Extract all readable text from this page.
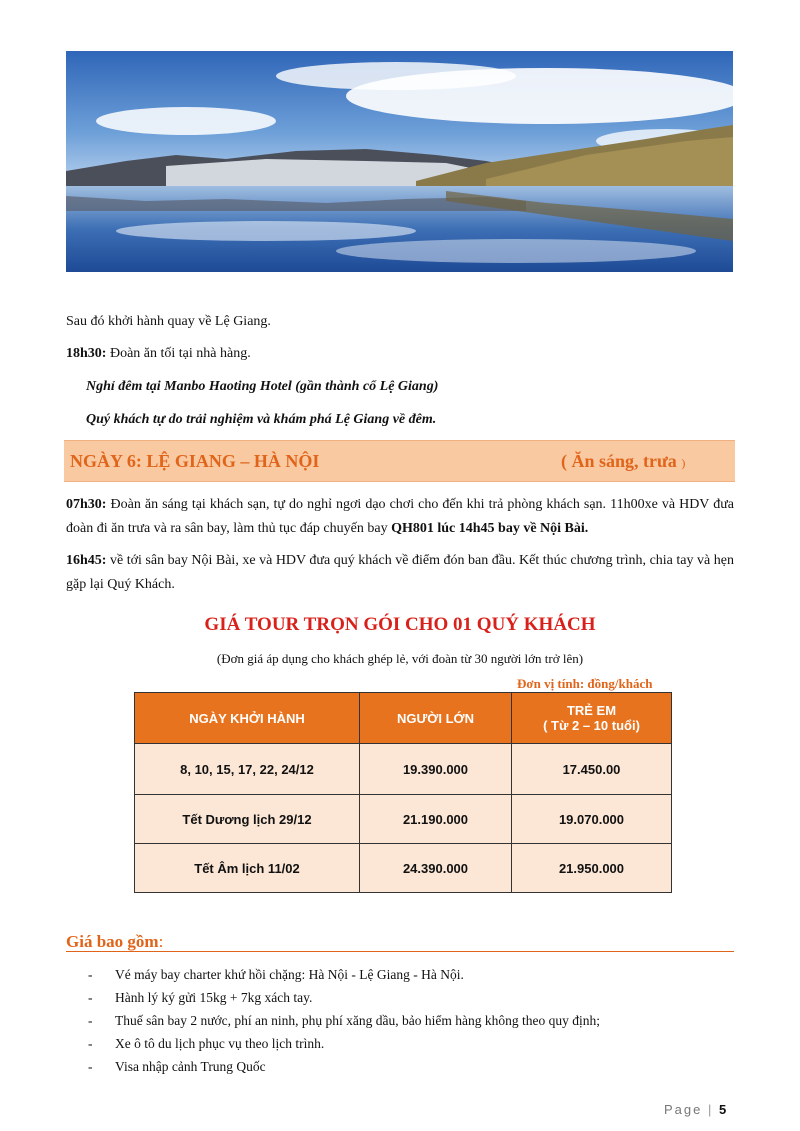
Sau đó khởi hành quay về Lệ Giang.

18h30: Đoàn ăn tối tại nhà hàng.

Nghỉ đêm tại Manbo Haoting Hotel (gần thành cổ Lệ Giang)

Quý khách tự do trải nghiệm và khám phá Lệ Giang về đêm.

NGÀY 6: LỆ GIANG – HÀ NỘI	( Ăn sáng, trưa )
07h30: Đoàn ăn sáng tại khách sạn, tự do nghỉ ngơi dạo chơi cho đến khi trả phòng khách sạn. 11h00xe và HDV đưa đoàn đi ăn trưa và ra sân bay, làm thủ tục đáp chuyến bay QH801 lúc 14h45 bay về Nội Bài.
16h45: về tới sân bay Nội Bài, xe và HDV đưa quý khách về điểm đón ban đầu. Kết thúc chương trình, chia tay và hẹn gặp lại Quý Khách.
GIÁ TOUR TRỌN GÓI CHO 01 QUÝ KHÁCH
(Đơn giá áp dụng cho khách ghép lẻ, với đoàn từ 30 người lớn trở lên)
Đơn vị tính: đồng/khách
NGÀY KHỞI HÀNH	NGƯỜI LỚN	TRẺ EM
( Từ 2 – 10 tuổi)
8, 10, 15, 17, 22, 24/12	19.390.000	17.450.00
Tết Dương lịch 29/12	21.190.000	19.070.000
Tết Âm lịch 11/02	24.390.000	21.950.000
Giá bao gồm:
- Vé máy bay charter khứ hồi chặng: Hà Nội - Lệ Giang - Hà Nội.
- Hành lý ký gửi 15kg + 7kg xách tay.
- Thuế sân bay 2 nước, phí an ninh, phụ phí xăng dầu, bảo hiểm hàng không theo quy định;
- Xe ô tô du lịch phục vụ theo lịch trình.
- Visa nhập cảnh Trung Quốc
Page | 5
